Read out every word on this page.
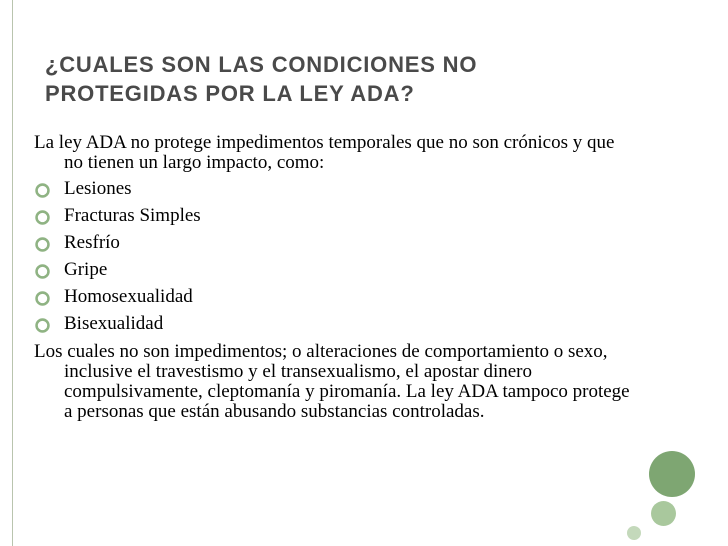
¿CUALES SON LAS CONDICIONES NO
PROTEGIDAS POR LA LEY ADA?

La ley ADA no protege impedimentos temporales que no son crónicos y que no tienen un largo impacto, como:

Lesiones
Fracturas Simples
Resfrío
Gripe
Homosexualidad
Bisexualidad

Los cuales no son impedimentos; o alteraciones de comportamiento o sexo, inclusive el travestismo y el transexualismo, el apostar dinero compulsivamente, cleptomanía y piromanía. La ley ADA tampoco protege a personas que están abusando substancias controladas.
